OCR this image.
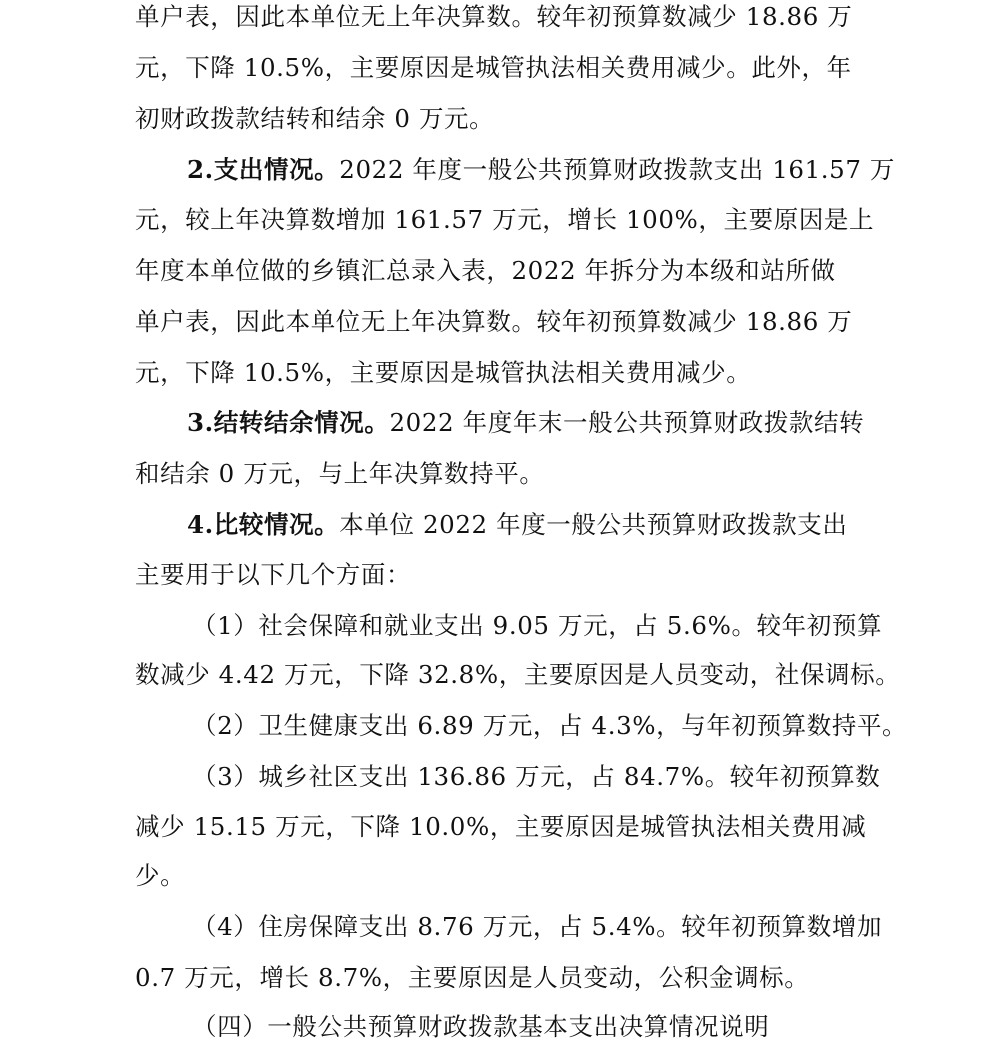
单户表，因此本单位无上年决算数。较年初预算数减少 18.86 万
元，下降 10.5%，主要原因是城管执法相关费用减少。此外，年
初财政拨款结转和结余 0 万元。
2.支出情况。2022 年度一般公共预算财政拨款支出 161.57 万
元，较上年决算数增加 161.57 万元，增长 100%，主要原因是上
年度本单位做的乡镇汇总录入表，2022 年拆分为本级和站所做
单户表，因此本单位无上年决算数。较年初预算数减少 18.86 万
元，下降 10.5%，主要原因是城管执法相关费用减少。
3.结转结余情况。2022 年度年末一般公共预算财政拨款结转
和结余 0 万元，与上年决算数持平。
4.比较情况。本单位 2022 年度一般公共预算财政拨款支出
主要用于以下几个方面：
（1）社会保障和就业支出 9.05 万元，占 5.6%。较年初预算
数减少 4.42 万元，下降 32.8%，主要原因是人员变动，社保调标。
（2）卫生健康支出 6.89 万元，占 4.3%，与年初预算数持平。
（3）城乡社区支出 136.86 万元，占 84.7%。较年初预算数
减少 15.15 万元，下降 10.0%，主要原因是城管执法相关费用减
少。
（4）住房保障支出 8.76 万元，占 5.4%。较年初预算数增加
0.7 万元，增长 8.7%，主要原因是人员变动，公积金调标。
（四）一般公共预算财政拨款基本支出决算情况说明
